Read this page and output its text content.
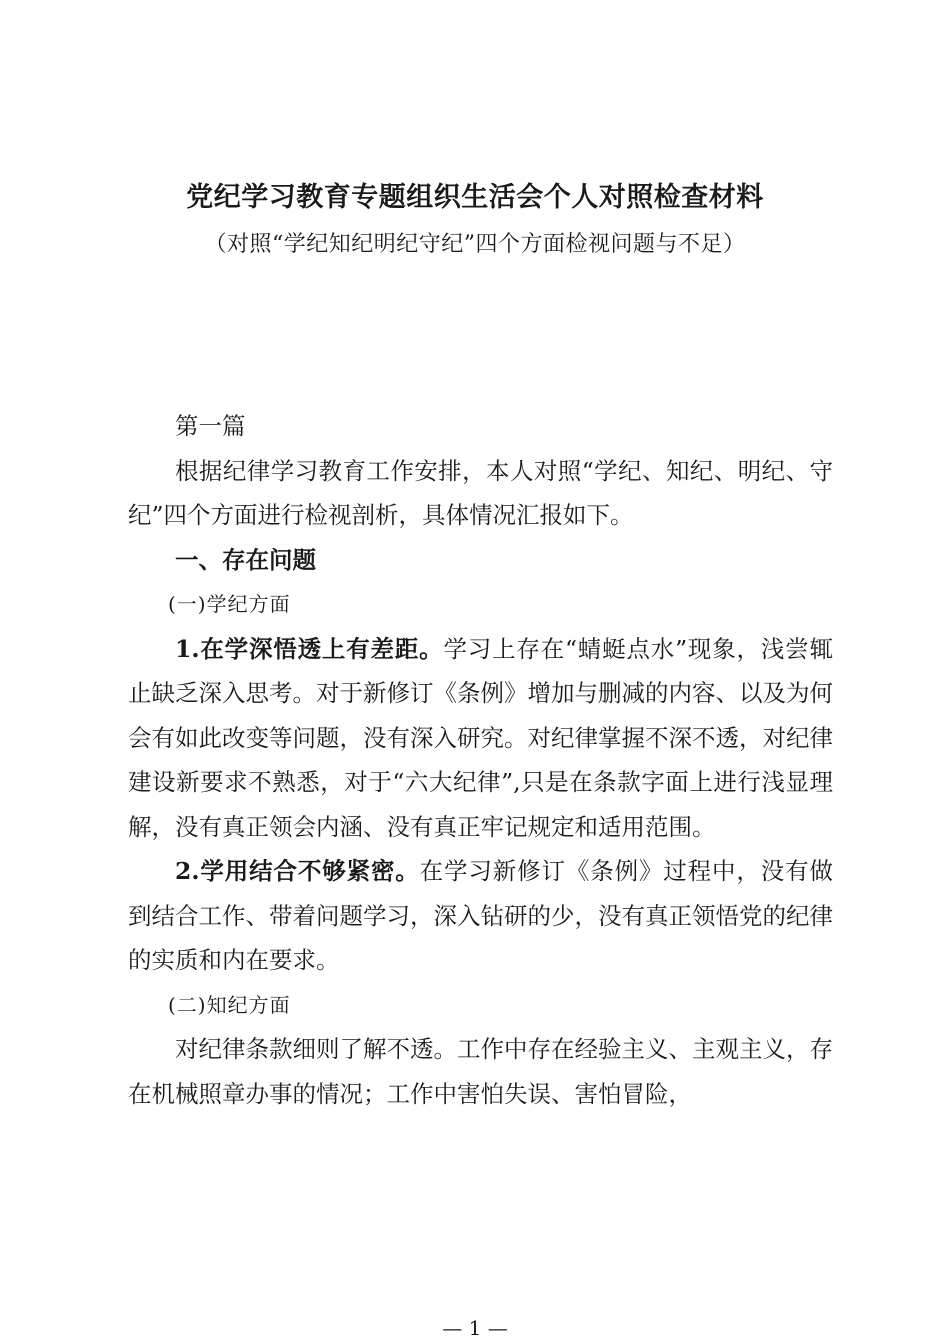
党纪学习教育专题组织生活会个人对照检查材料
（对照“学纪知纪明纪守纪”四个方面检视问题与不足）

第一篇

根据纪律学习教育工作安排，本人对照“学纪、知纪、明纪、守纪”四个方面进行检视剖析，具体情况汇报如下。

一、存在问题

(一)学纪方面

1.在学深悟透上有差距。学习上存在“蜻蜓点水”现象，浅尝辄止缺乏深入思考。对于新修订《条例》增加与删减的内容、以及为何会有如此改变等问题，没有深入研究。对纪律掌握不深不透，对纪律建设新要求不熟悉，对于“六大纪律”,只是在条款字面上进行浅显理解，没有真正领会内涵、没有真正牢记规定和适用范围。

2.学用结合不够紧密。在学习新修订《条例》过程中，没有做到结合工作、带着问题学习，深入钻研的少，没有真正领悟党的纪律的实质和内在要求。

(二)知纪方面

对纪律条款细则了解不透。工作中存在经验主义、主观主义，存在机械照章办事的情况；工作中害怕失误、害怕冒险，

— 1 —
